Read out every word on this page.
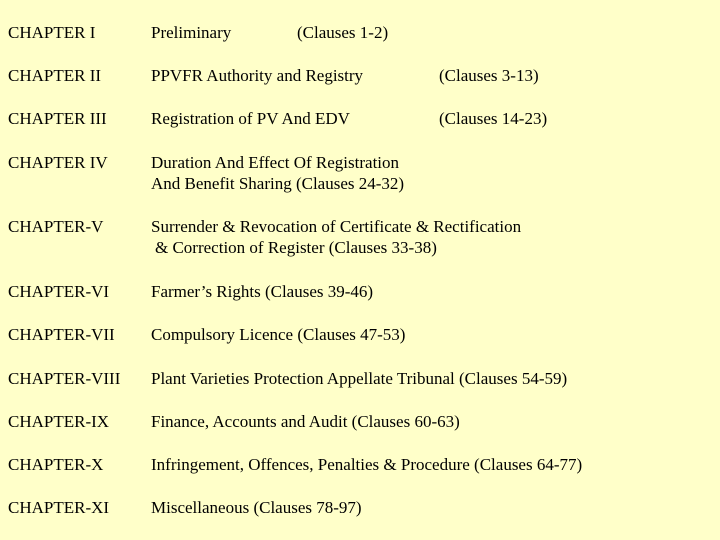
CHAPTER I	Preliminary	(Clauses 1-2)
CHAPTER II	PPVFR Authority and Registry	(Clauses 3-13)
CHAPTER III	Registration of PV And EDV	(Clauses 14-23)
CHAPTER IV	Duration And Effect Of Registration
And Benefit Sharing (Clauses 24-32)
CHAPTER-V	Surrender & Revocation of Certificate & Rectification
& Correction of Register (Clauses 33-38)
CHAPTER-VI Farmer’s Rights (Clauses 39-46)
CHAPTER-VII Compulsory Licence (Clauses 47-53)
CHAPTER-VIII Plant Varieties Protection Appellate Tribunal (Clauses 54-59)
CHAPTER-IX Finance, Accounts and Audit (Clauses 60-63)
CHAPTER-X	Infringement, Offences, Penalties & Procedure (Clauses 64-77)
CHAPTER-XI Miscellaneous (Clauses 78-97)
